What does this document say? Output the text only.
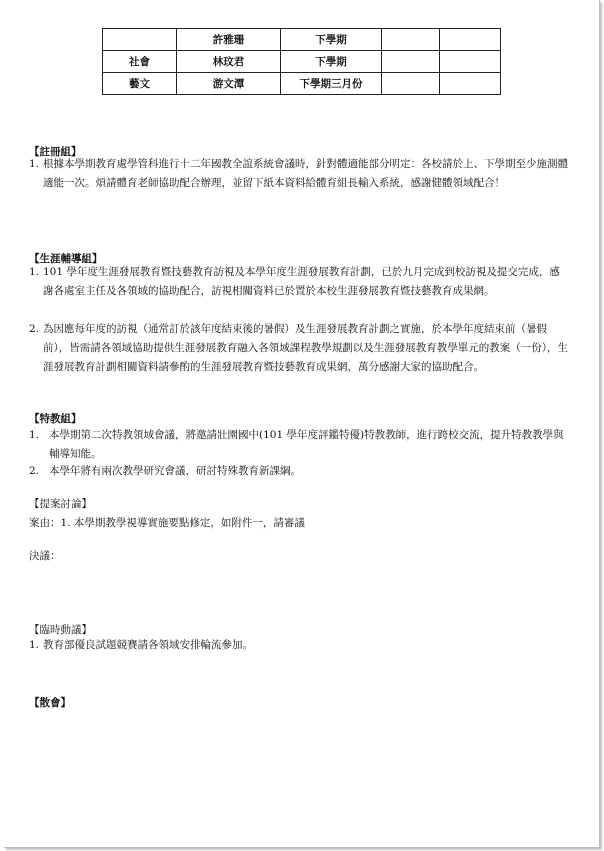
	許雅珊	下學期		
社會	林玟君	下學期		
藝文	游文潭	下學期三月份		
【註冊組】
1. 根據本學期教育處學管科進行十二年國教全誼系統會議時，針對體適能部分明定：各校請於上、下學期至少施測體適能一次。煩請體育老師協助配合辦理，並留下紙本資料給體育組長輸入系統，感謝健體領域配合！
【生涯輔導組】
1. 101 學年度生涯發展教育暨技藝教育訪視及本學年度生涯發展教育計劃，已於九月完成到校訪視及提交完成，感謝各處室主任及各領域的協助配合，訪視相關資料已於置於本校生涯發展教育暨技藝教育成果網。
2. 為因應每年度的訪視（通常訂於該年度結束後的暑假）及生涯發展教育計劃之實施，於本學年度結束前（暑假前），皆需請各領域協助提供生涯發展教育融入各領域課程教學規劃以及生涯發展教育教學單元的教案（一份），生涯發展教育計劃相關資料請參酌的生涯發展教育暨技藝教育成果網，萬分感謝大家的協助配合。
【特教組】
1. 本學期第二次特教領域會議，將邀請壯園國中(101 學年度評鑑特優)特教教師，進行跨校交流，提升特教教學與輔導知能。
2. 本學年將有兩次教學研究會議，研討特殊教育新課綱。
【提案討論】
案由：1. 本學期教學視導實施要點修定，如附件一，請審議
決議：
【臨時動議】
1. 教育部優良試題競賽請各領域安排輪流參加。
【散會】
